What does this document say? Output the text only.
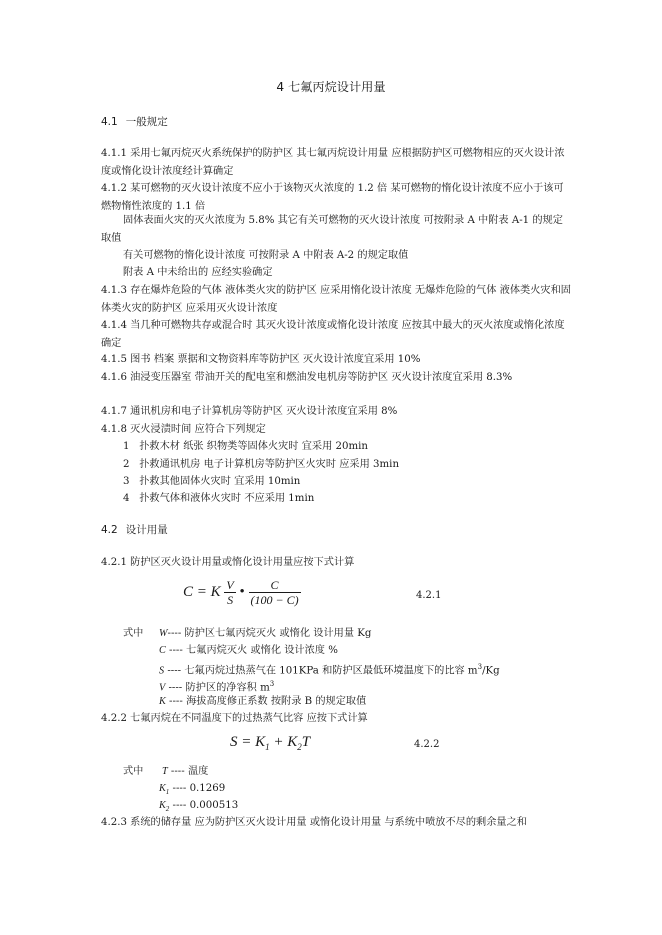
4 七氟丙烷设计用量
4.1 一般规定

4.1.1 采用七氟丙烷灭火系统保护的防护区 其七氟丙烷设计用量 应根据防护区可燃物相应的灭火设计浓度或惰化设计浓度经计算确定

4.1.2 某可燃物的灭火设计浓度不应小于该物灭火浓度的 1.2 倍 某可燃物的惰化设计浓度不应小于该可燃物惰性浓度的 1.1 倍

固体表面火灾的灭火浓度为 5.8% 其它有关可燃物的灭火设计浓度 可按附录 A 中附表 A-1 的规定取值

有关可燃物的惰化设计浓度 可按附录 A 中附表 A-2 的规定取值

附表 A 中未给出的 应经实验确定

4.1.3 存在爆炸危险的气体 液体类火灾的防护区 应采用惰化设计浓度 无爆炸危险的气体 液体类火灾和固体类火灾的防护区 应采用灭火设计浓度

4.1.4 当几种可燃物共存或混合时 其灭火设计浓度或惰化设计浓度 应按其中最大的灭火浓度或惰化浓度确定

4.1.5 图书 档案 票据和文物资料库等防护区 灭火设计浓度宜采用 10%

4.1.6 油浸变压器室 带油开关的配电室和燃油发电机房等防护区 灭火设计浓度宜采用 8.3%

4.1.7 通讯机房和电子计算机房等防护区 灭火设计浓度宜采用 8%

4.1.8 灭火浸渍时间 应符合下列规定

1 扑救木材 纸张 织物类等固体火灾时 宜采用 20min
2 扑救通讯机房 电子计算机房等防护区火灾时 应采用 3min
3 扑救其他固体火灾时 宜采用 10min
4 扑救气体和液体火灾时 不应采用 1min
4.2 设计用量

4.2.1 防护区灭火设计用量或惰化设计用量应按下式计算

C = K $\frac{V}{S}$ • $\frac{C}{(100 - C)}$	4.2.1
式中 W---- 防护区七氟丙烷灭火 或惰化 设计用量 Kg
C ---- 七氟丙烷灭火 或惰化 设计浓度 %
S ---- 七氟丙烷过热蒸气在 101KPa 和防护区最低环境温度下的比容 $m^3/Kg$
V ---- 防护区的净容积 $m^3$
K ---- 海拔高度修正系数 按附录 B 的规定取值

4.2.2 七氟丙烷在不同温度下的过热蒸气比容 应按下式计算

$S = K_1 + K_2T$	4.2.2
式中 T ---- 温度
$K_1$ ---- 0.1269
$K_2$ ---- 0.000513

4.2.3 系统的储存量 应为防护区灭火设计用量 或惰化设计用量 与系统中喷放不尽的剩余量之和
